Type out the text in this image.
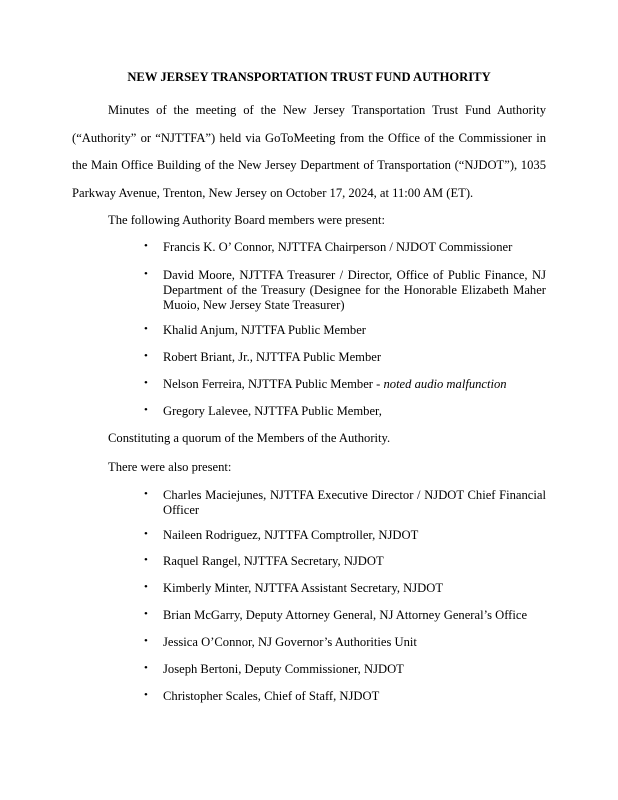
NEW JERSEY TRANSPORTATION TRUST FUND AUTHORITY

Minutes of the meeting of the New Jersey Transportation Trust Fund Authority (“Authority” or “NJTTFA”) held via GoToMeeting from the Office of the Commissioner in the Main Office Building of the New Jersey Department of Transportation (“NJDOT”), 1035 Parkway Avenue, Trenton, New Jersey on October 17, 2024, at 11:00 AM (ET).

The following Authority Board members were present:

• Francis K. O’ Connor, NJTTFA Chairperson / NJDOT Commissioner
• David Moore, NJTTFA Treasurer / Director, Office of Public Finance, NJ Department of the Treasury (Designee for the Honorable Elizabeth Maher Muoio, New Jersey State Treasurer)
• Khalid Anjum, NJTTFA Public Member
• Robert Briant, Jr., NJTTFA Public Member
• Nelson Ferreira, NJTTFA Public Member - noted audio malfunction
• Gregory Lalevee, NJTTFA Public Member,

Constituting a quorum of the Members of the Authority.

There were also present:

• Charles Maciejunes, NJTTFA Executive Director / NJDOT Chief Financial Officer
• Naileen Rodriguez, NJTTFA Comptroller, NJDOT
• Raquel Rangel, NJTTFA Secretary, NJDOT
• Kimberly Minter, NJTTFA Assistant Secretary, NJDOT
• Brian McGarry, Deputy Attorney General, NJ Attorney General’s Office
• Jessica O’Connor, NJ Governor’s Authorities Unit
• Joseph Bertoni, Deputy Commissioner, NJDOT
• Christopher Scales, Chief of Staff, NJDOT
